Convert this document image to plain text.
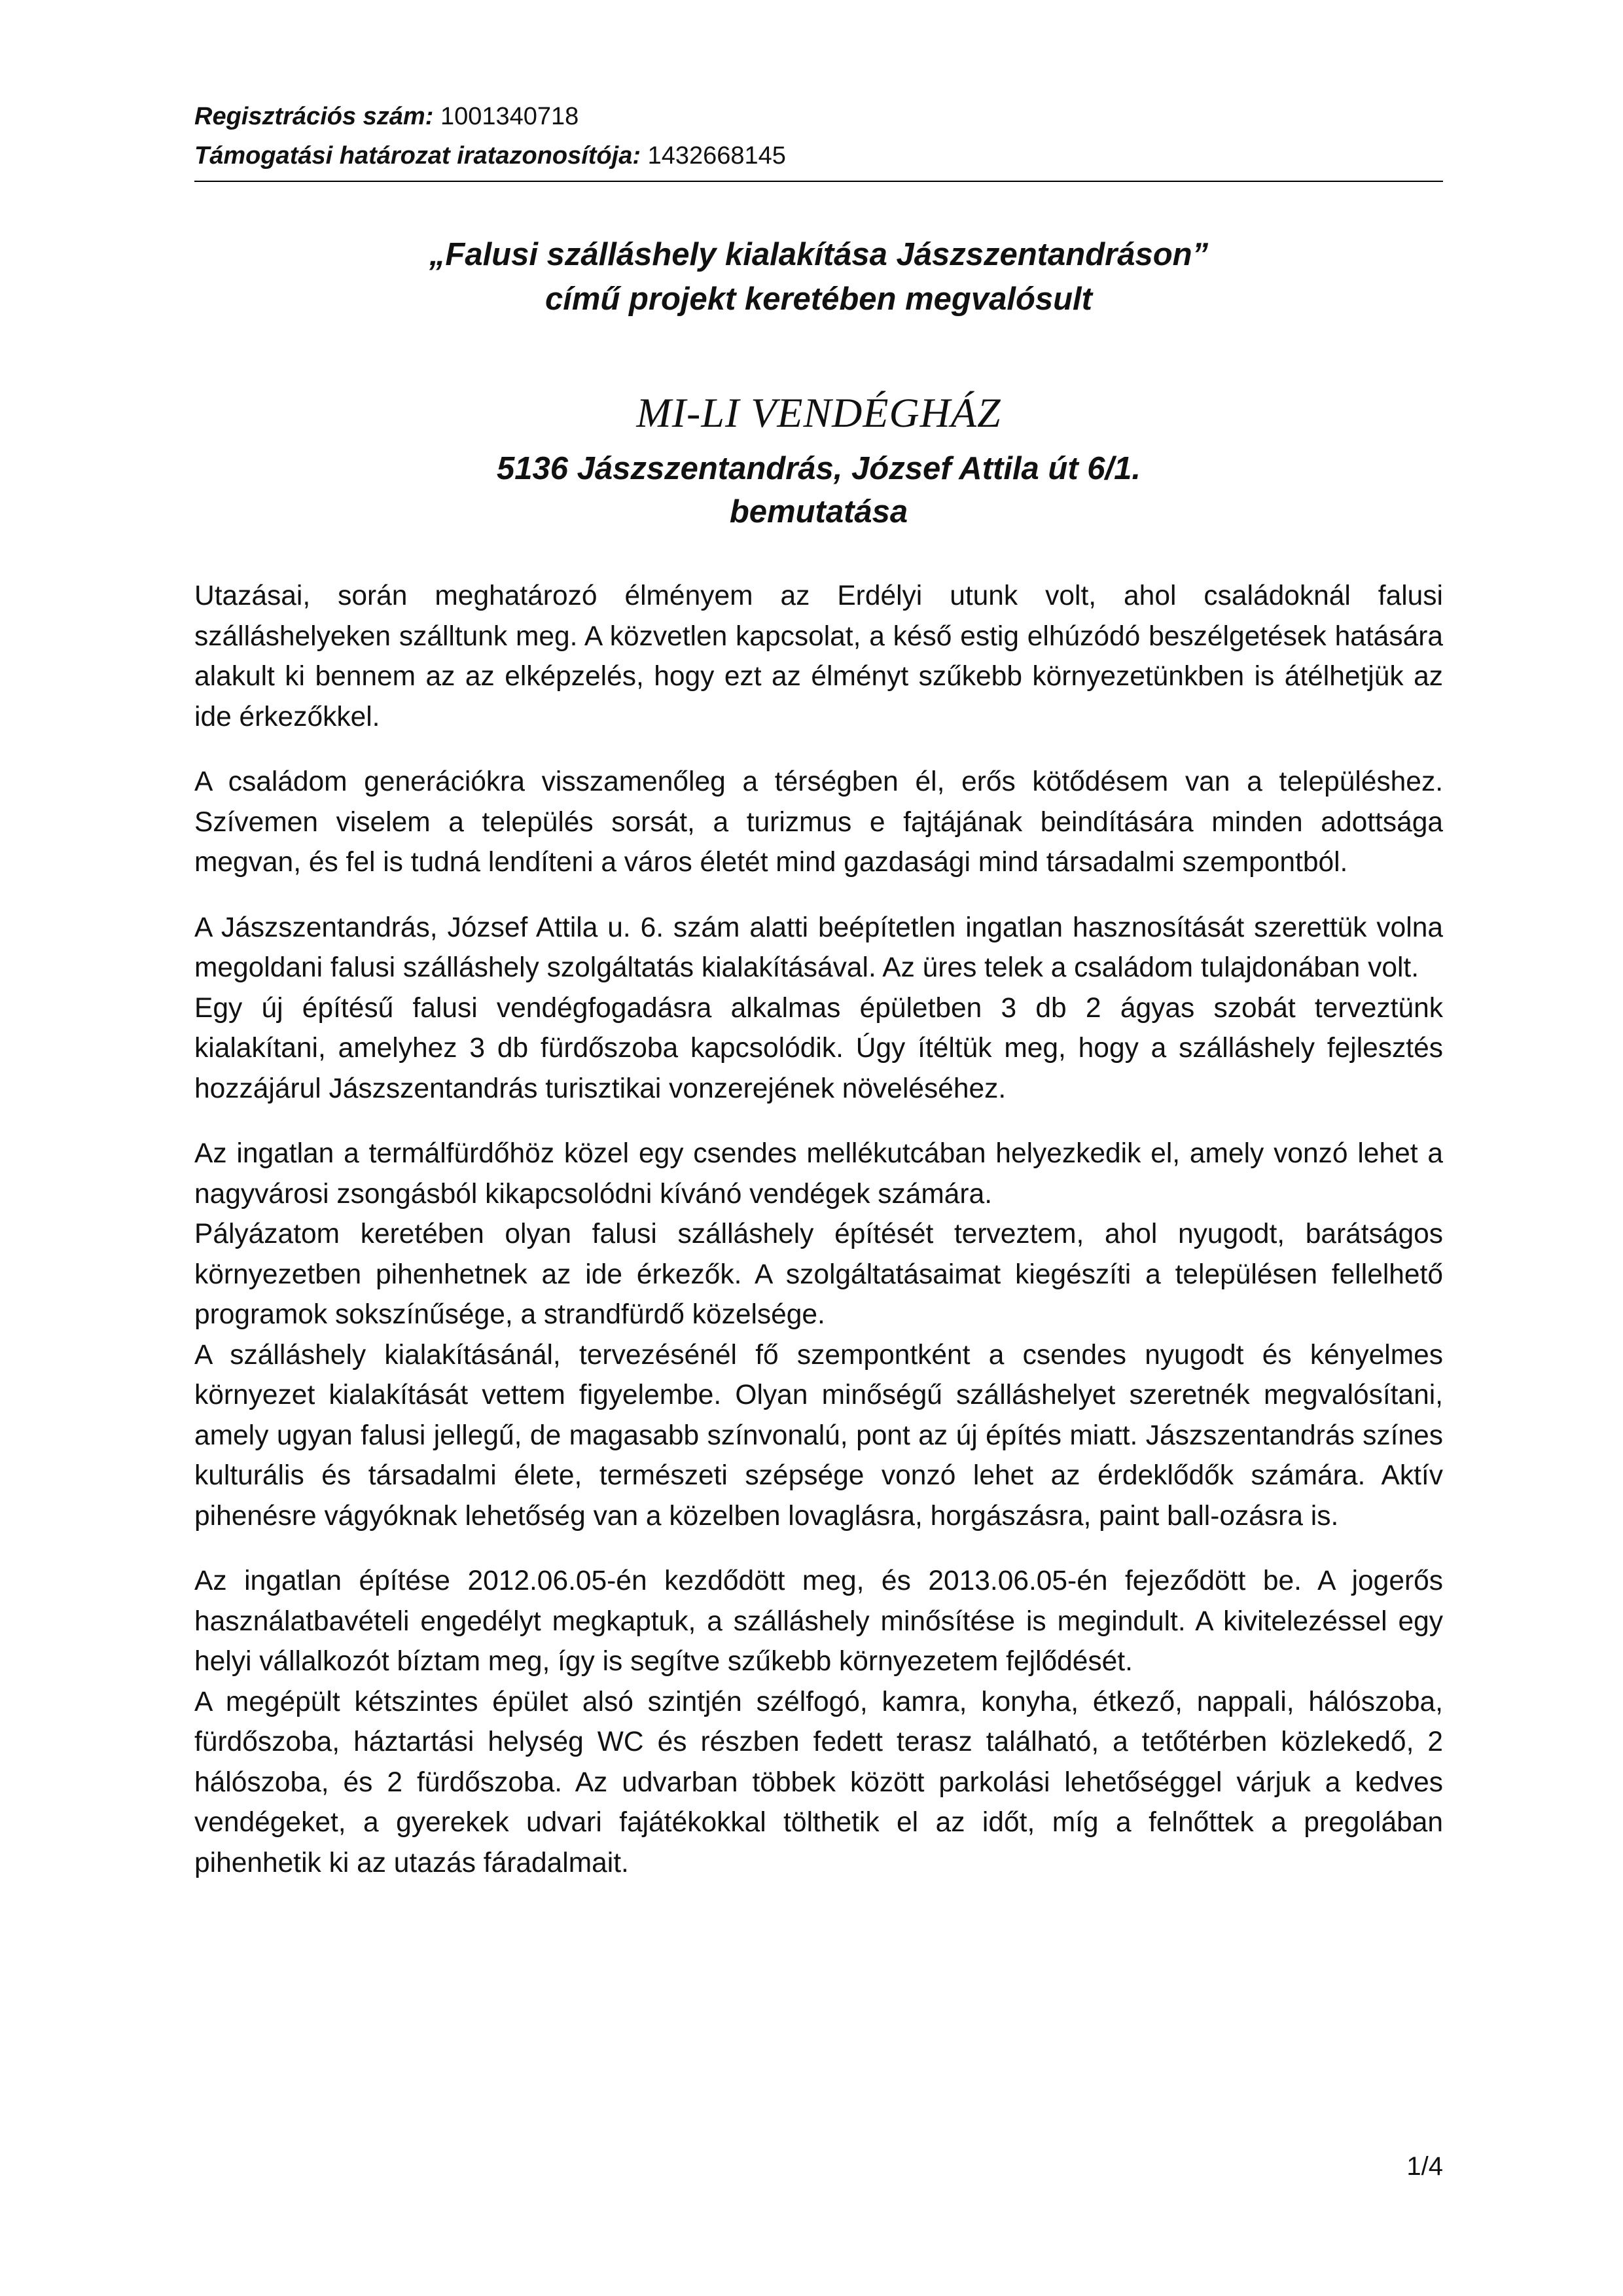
Regisztrációs szám: 1001340718
Támogatási határozat iratazonosítója: 1432668145
„Falusi szálláshely kialakítása Jászszentandráson”
című projekt keretében megvalósult
MI-LI VENDÉGHÁZ
5136 Jászszentandrás, József Attila út 6/1.
bemutatása

Utazásai, során meghatározó élményem az Erdélyi utunk volt, ahol családoknál falusi szálláshelyeken szálltunk meg. A közvetlen kapcsolat, a késő estig elhúzódó beszélgetések hatására alakult ki bennem az az elképzelés, hogy ezt az élményt szűkebb környezetünkben is átélhetjük az ide érkezőkkel.

A családom generációkra visszamenőleg a térségben él, erős kötődésem van a településhez. Szívemen viselem a település sorsát, a turizmus e fajtájának beindítására minden adottsága megvan, és fel is tudná lendíteni a város életét mind gazdasági mind társadalmi szempontból.

A Jászszentandrás, József Attila u. 6. szám alatti beépítetlen ingatlan hasznosítását szerettük volna megoldani falusi szálláshely szolgáltatás kialakításával. Az üres telek a családom tulajdonában volt.

Egy új építésű falusi vendégfogadásra alkalmas épületben 3 db 2 ágyas szobát terveztünk kialakítani, amelyhez 3 db fürdőszoba kapcsolódik. Úgy ítéltük meg, hogy a szálláshely fejlesztés hozzájárul Jászszentandrás turisztikai vonzerejének növeléséhez.

Az ingatlan a termálfürdőhöz közel egy csendes mellékutcában helyezkedik el, amely vonzó lehet a nagyvárosi zsongásból kikapcsolódni kívánó vendégek számára.

Pályázatom keretében olyan falusi szálláshely építését terveztem, ahol nyugodt, barátságos környezetben pihenhetnek az ide érkezők. A szolgáltatásaimat kiegészíti a településen fellelhető programok sokszínűsége, a strandfürdő közelsége.

A szálláshely kialakításánál, tervezésénél fő szempontként a csendes nyugodt és kényelmes környezet kialakítását vettem figyelembe. Olyan minőségű szálláshelyet szeretnék megvalósítani, amely ugyan falusi jellegű, de magasabb színvonalú, pont az új építés miatt. Jászszentandrás színes kulturális és társadalmi élete, természeti szépsége vonzó lehet az érdeklődők számára. Aktív pihenésre vágyóknak lehetőség van a közelben lovaglásra, horgászásra, paint ball-ozásra is.

Az ingatlan építése 2012.06.05-én kezdődött meg, és 2013.06.05-én fejeződött be. A jogerős használatbavételi engedélyt megkaptuk, a szálláshely minősítése is megindult. A kivitelezéssel egy helyi vállalkozót bíztam meg, így is segítve szűkebb környezetem fejlődését.

A megépült kétszintes épület alsó szintjén szélfogó, kamra, konyha, étkező, nappali, hálószoba, fürdőszoba, háztartási helység WC és részben fedett terasz található, a tetőtérben közlekedő, 2 hálószoba, és 2 fürdőszoba. Az udvarban többek között parkolási lehetőséggel várjuk a kedves vendégeket, a gyerekek udvari fajátékokkal tölthetik el az időt, míg a felnőttek a pregolában pihenhetik ki az utazás fáradalmait.

1/4
